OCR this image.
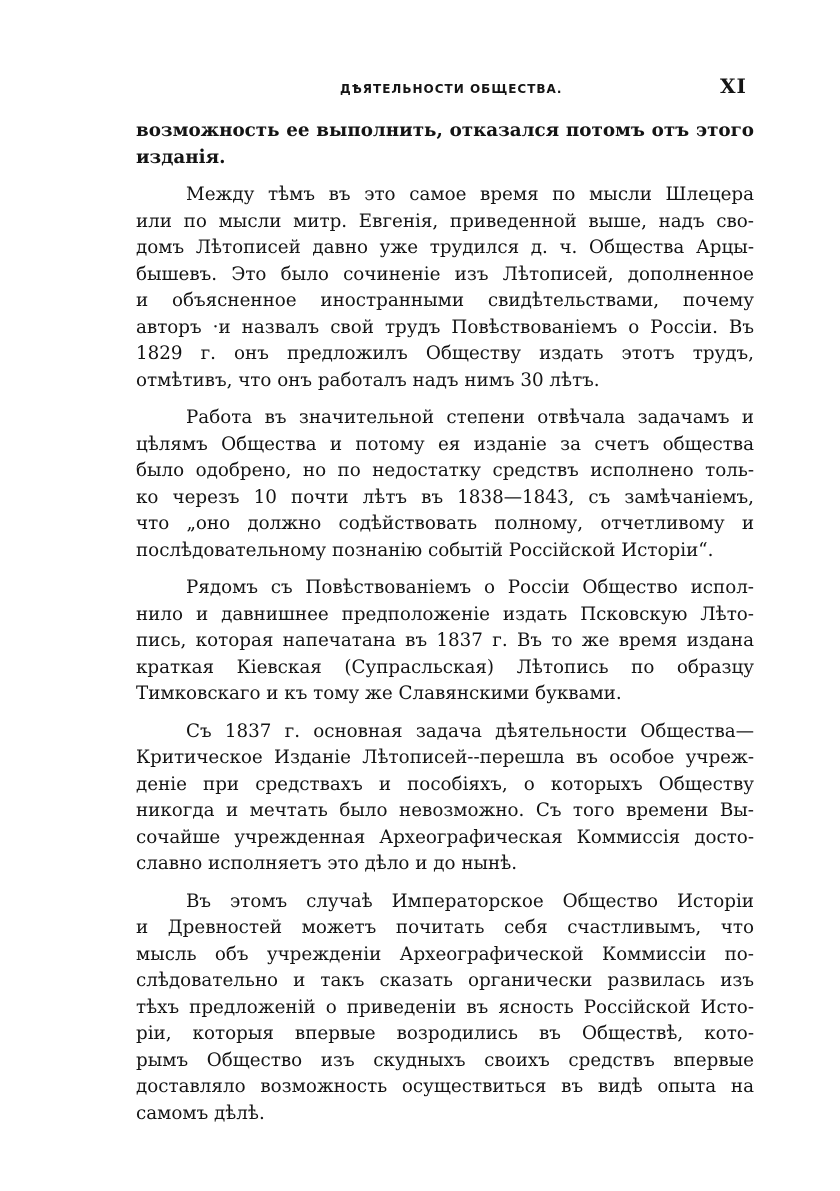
ДѢЯТЕЛЬНОСТИ ОБЩЕСТВА.	XI
возможность ее выполнить, отказался потомъ отъ этого
изданія.
Между тѣмъ въ это самое время по мысли Шлецера
или по мысли митр. Евгенія, приведенной выше, надъ сво-
домъ Лѣтописей давно уже трудился д. ч. Общества Арцы-
бышевъ. Это было сочиненіе изъ Лѣтописей, дополненное
и объясненное иностранными свидѣтельствами, почему
авторъ ·и назвалъ свой трудъ Повѣствованіемъ о Россіи. Въ
1829 г. онъ предложилъ Обществу издать этотъ трудъ,
отмѣтивъ, что онъ работалъ надъ нимъ 30 лѣтъ.
Работа въ значительной степени отвѣчала задачамъ и
цѣлямъ Общества и потому ея изданіе за счетъ общества
было одобрено, но по недостатку средствъ исполнено толь-
ко черезъ 10 почти лѣтъ въ 1838—1843, съ замѣчаніемъ,
что „оно должно содѣйствовать полному, отчетливому и
послѣдовательному познанію событій Россійской Исторіи“.
Рядомъ съ Повѣствованіемъ о Россіи Общество испол-
нило и давнишнее предположеніе издать Псковскую Лѣто-
пись, которая напечатана въ 1837 г. Въ то же время издана
краткая Кіевская (Супрасльская) Лѣтопись по образцу
Тимковскаго и къ тому же Славянскими буквами.
Съ 1837 г. основная задача дѣятельности Общества—
Критическое Изданіе Лѣтописей--перешла въ особое учреж-
деніе при средствахъ и пособіяхъ, о которыхъ Обществу
никогда и мечтать было невозможно. Съ того времени Вы-
сочайше учрежденная Археографическая Коммиссія досто-
славно исполняетъ это дѣло и до нынѣ.
Въ этомъ случаѣ Императорское Общество Исторіи
и Древностей можетъ почитать себя счастливымъ, что
мысль объ учрежденіи Археографической Коммиссіи по-
слѣдовательно и такъ сказать органически развилась изъ
тѣхъ предложеній о приведеніи въ ясность Россійской Исто-
ріи, которыя впервые возродились въ Обществѣ, кото-
рымъ Общество изъ скудныхъ своихъ средствъ впервые
доставляло возможность осуществиться въ видѣ опыта на
самомъ дѣлѣ.
